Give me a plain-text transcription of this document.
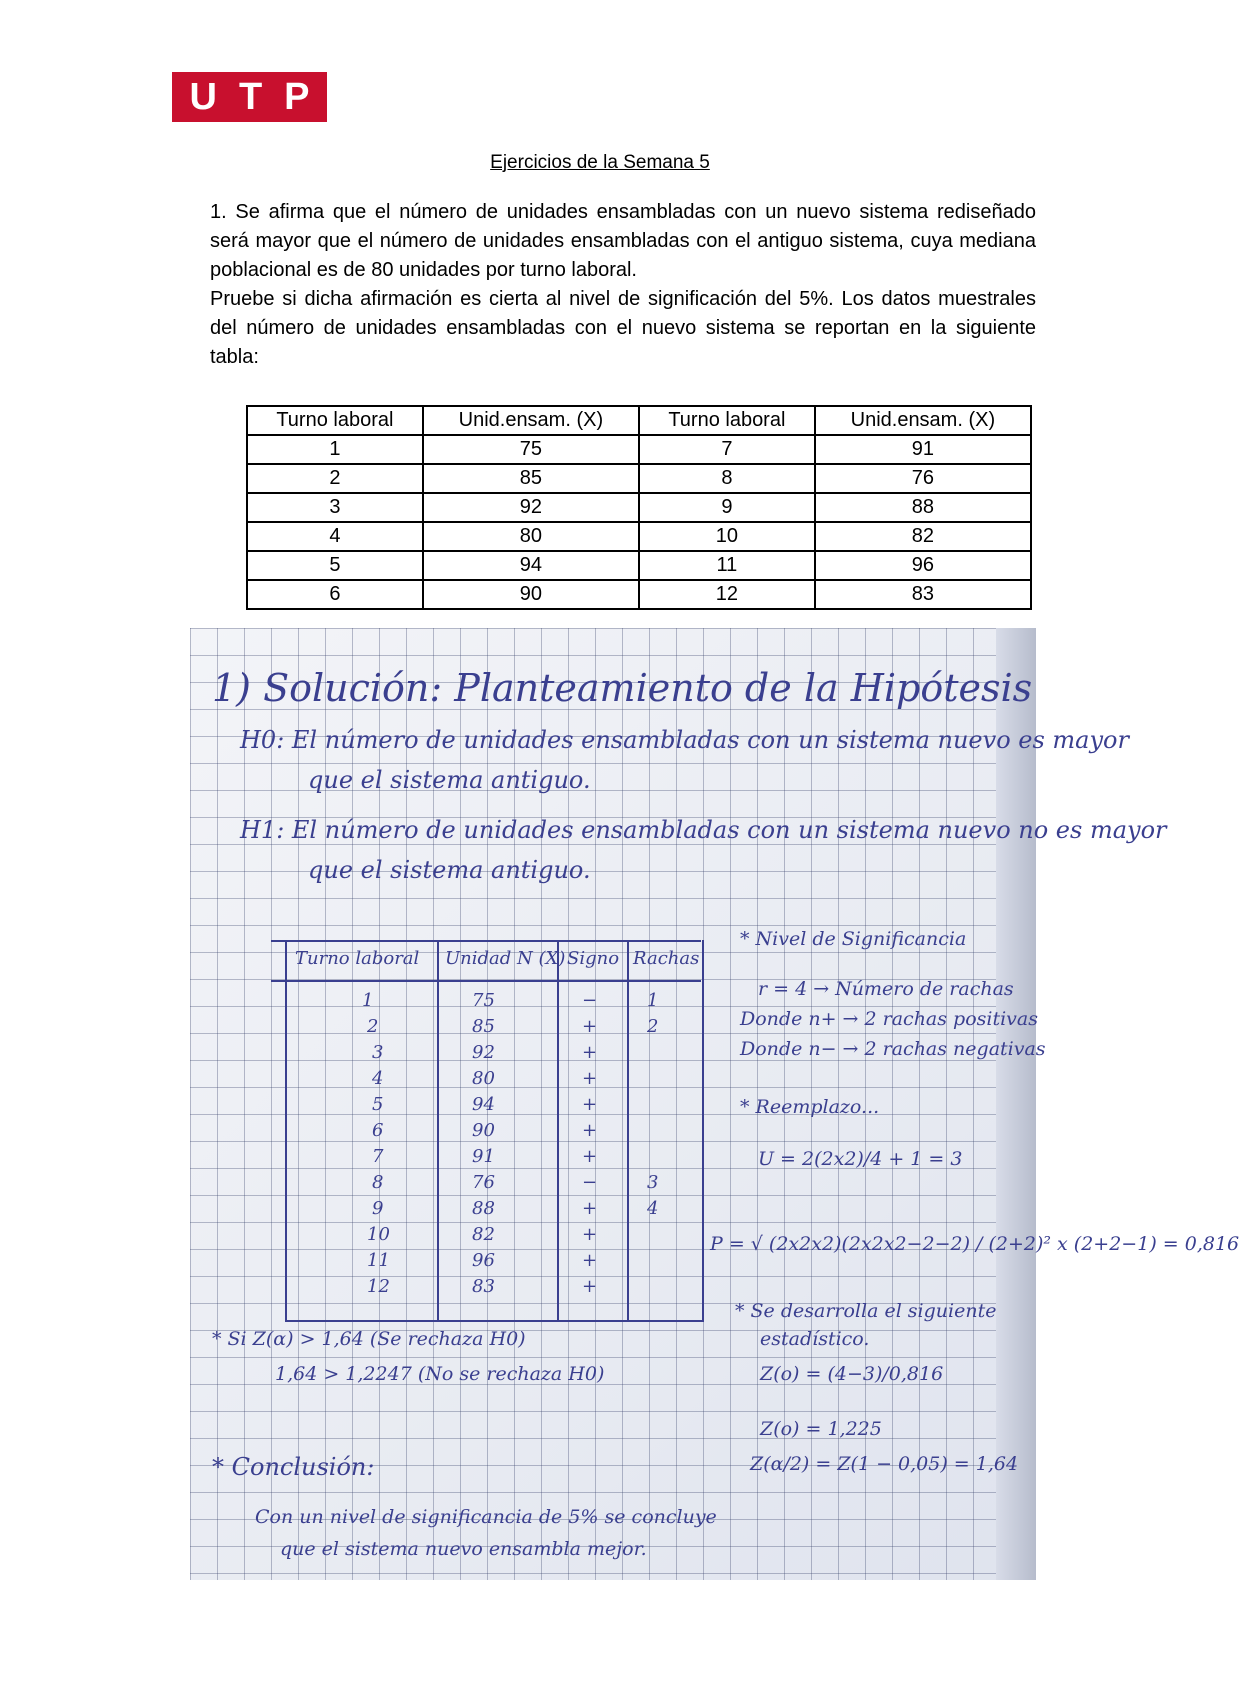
U T P
Ejercicios de la Semana 5

1. Se afirma que el número de unidades ensambladas con un nuevo sistema rediseñado será mayor que el número de unidades ensambladas con el antiguo sistema, cuya mediana poblacional es de 80 unidades por turno laboral.

Pruebe si dicha afirmación es cierta al nivel de significación del 5%. Los datos muestrales del número de unidades ensambladas con el nuevo sistema se reportan en la siguiente tabla:

Turno laboral	Unid.ensam. (X)	Turno laboral	Unid.ensam. (X)
1	75	7	91
2	85	8	76
3	92	9	88
4	80	10	82
5	94	11	96
6	90	12	83
1) Solución: Planteamiento de la Hipótesis
H0: El número de unidades ensambladas con un sistema nuevo es mayor
que el sistema antiguo.
H1: El número de unidades ensambladas con un sistema nuevo no es mayor
que el sistema antiguo.
Turno laboral Unidad N (X) Signo Rachas
1	75	−	1
2	85	+	2
3	92	+
4	80	+
5	94	+
6	90	+
7	91	+
8	76	−	3
9	88	+	4
10	82	+
11	96	+
12	83	+
* Nivel de Significancia
r = 4 → Número de rachas
Donde n+ → 2 rachas positivas
Donde n− → 2 rachas negativas
* Reemplazo...
U = 2(2x2)/4 + 1 = 3
P = √ (2x2x2)(2x2x2−2−2) / (2+2)² x (2+2−1) = 0,816
* Se desarrolla el siguiente
estadístico.
Z(o) = (4−3)/0,816
Z(o) = 1,225
Z(α/2) = Z(1 − 0,05) = 1,64
* Si Z(α) > 1,64 (Se rechaza H0)
1,64 > 1,2247 (No se rechaza H0)
* Conclusión:
Con un nivel de significancia de 5% se concluye
que el sistema nuevo ensambla mejor.
